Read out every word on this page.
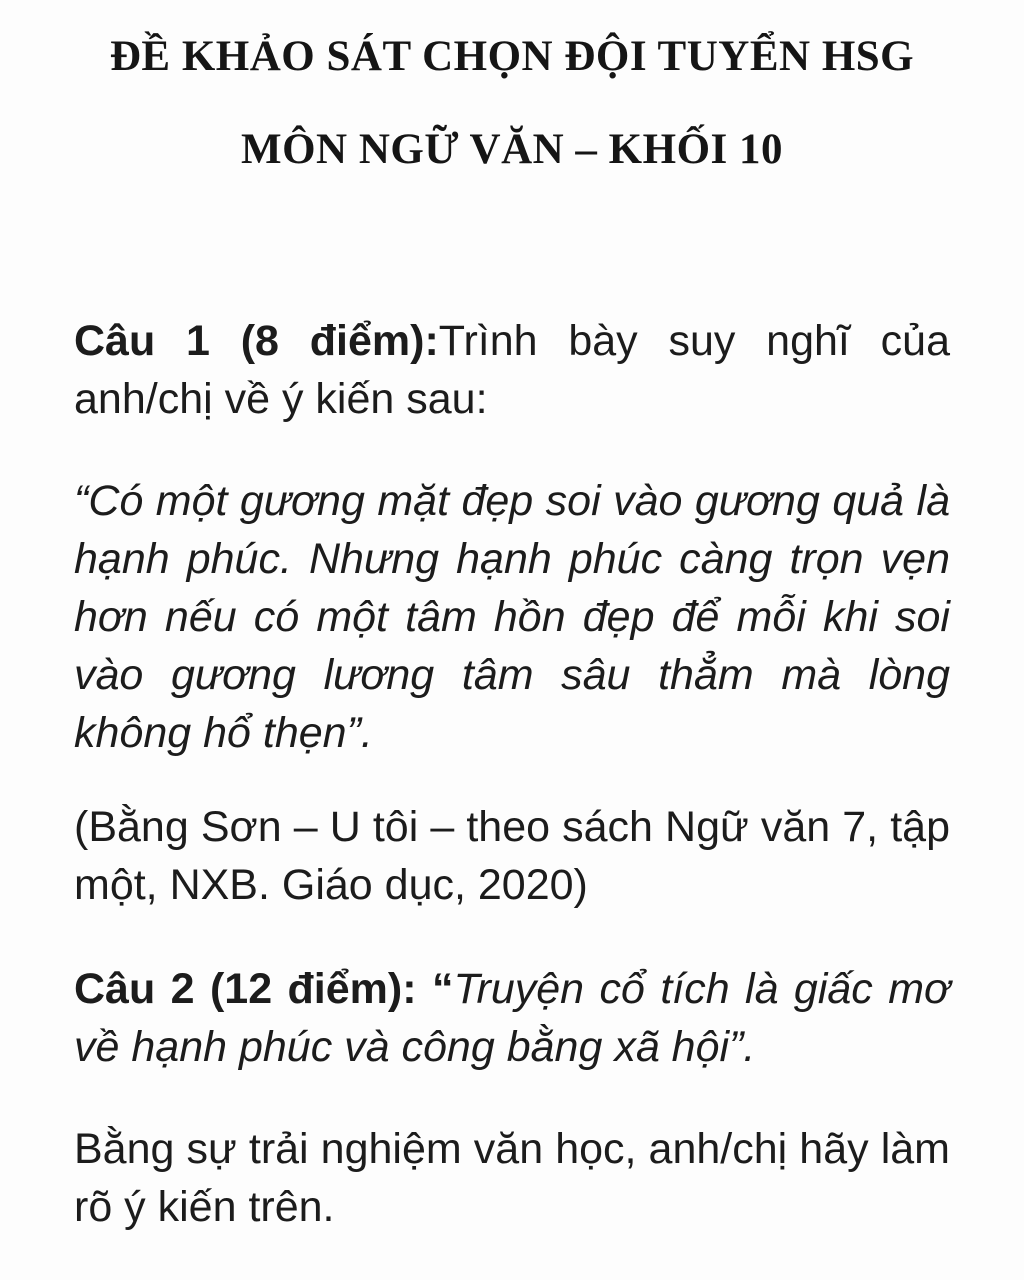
ĐỀ KHẢO SÁT CHỌN ĐỘI TUYỂN HSG
MÔN NGỮ VĂN – KHỐI 10

Câu 1 (8 điểm):Trình bày suy nghĩ của anh/chị về ý kiến sau:

“Có một gương mặt đẹp soi vào gương quả là hạnh phúc. Nhưng hạnh phúc càng trọn vẹn hơn nếu có một tâm hồn đẹp để mỗi khi soi vào gương lương tâm sâu thẳm mà lòng không hổ thẹn”.

(Bằng Sơn – U tôi – theo sách Ngữ văn 7, tập một, NXB. Giáo dục, 2020)

Câu 2 (12 điểm): “Truyện cổ tích là giấc mơ về hạnh phúc và công bằng xã hội”.

Bằng sự trải nghiệm văn học, anh/chị hãy làm rõ ý kiến trên.
